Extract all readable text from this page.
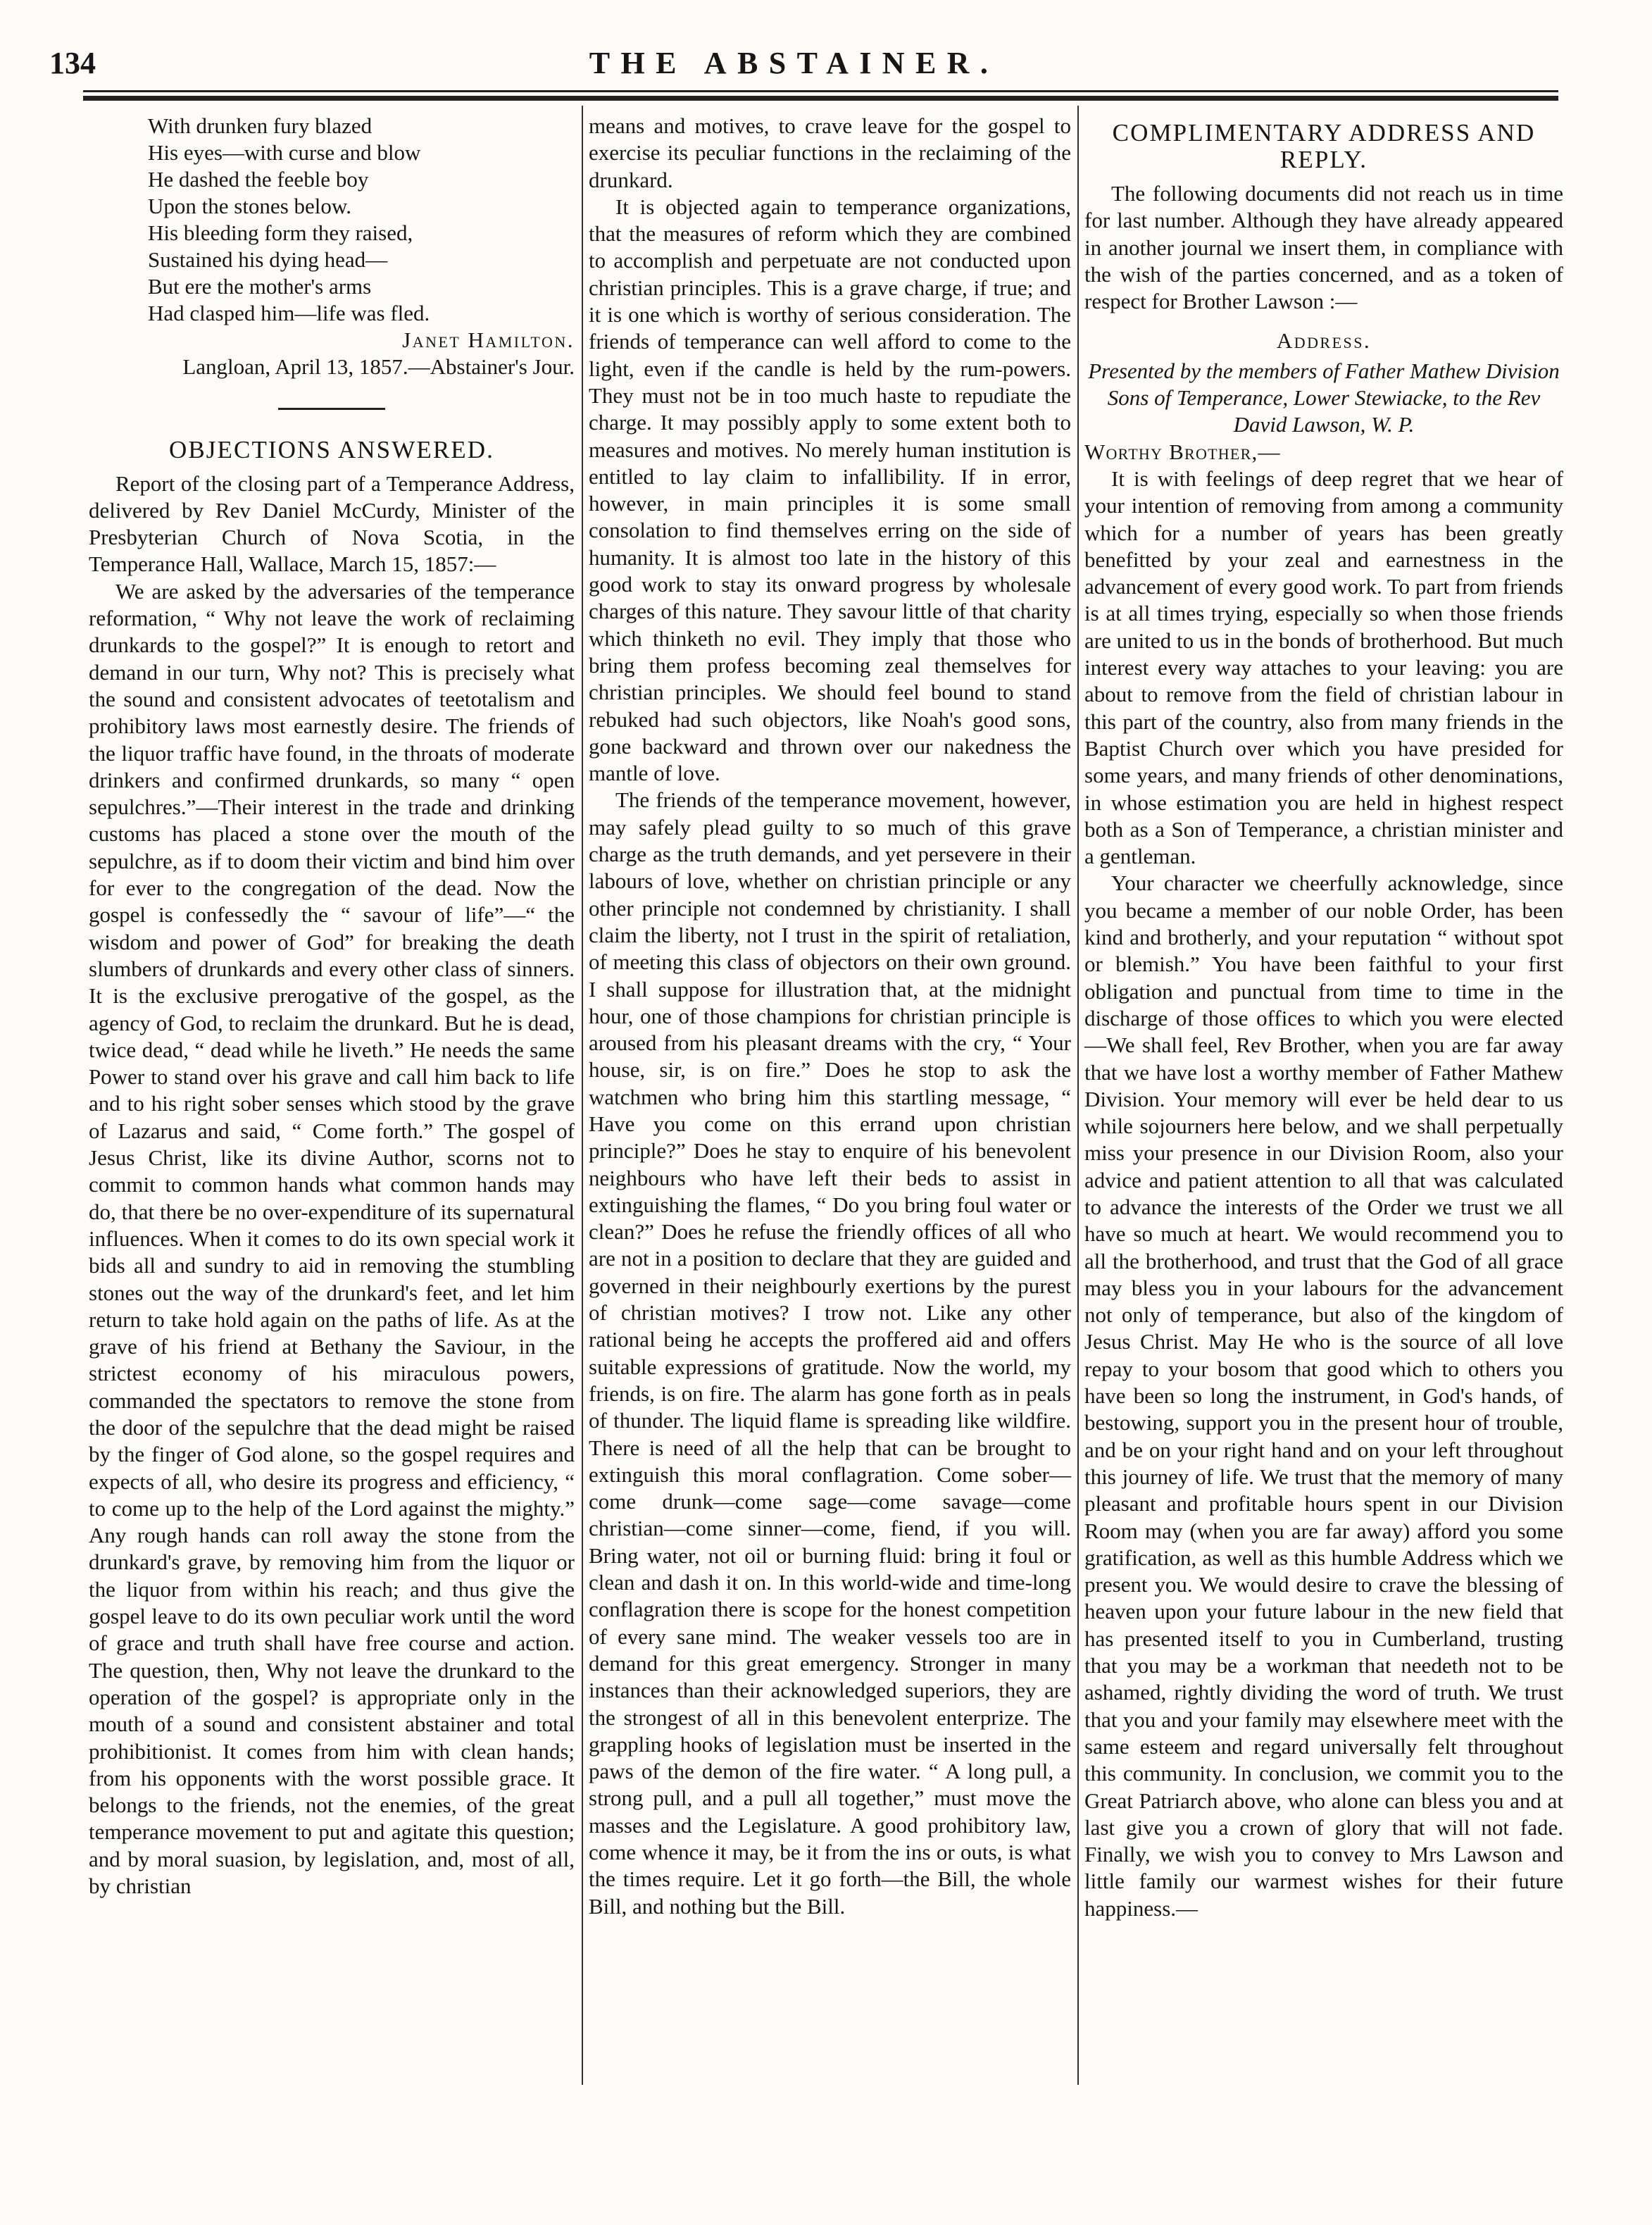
134	THE ABSTAINER.
With drunken fury blazed
His eyes—with curse and blow
He dashed the feeble boy
Upon the stones below.
His bleeding form they raised,
Sustained his dying head—
But ere the mother's arms
Had clasped him—life was fled.

Janet Hamilton.

Langloan, April 13, 1857.—Abstainer's Jour.

OBJECTIONS ANSWERED.

Report of the closing part of a Temperance Address, delivered by Rev Daniel McCurdy, Minister of the Presbyterian Church of Nova Scotia, in the Temperance Hall, Wallace, March 15, 1857:—

We are asked by the adversaries of the temperance reformation, “ Why not leave the work of reclaiming drunkards to the gospel?” It is enough to retort and demand in our turn, Why not? This is precisely what the sound and consistent advocates of teetotalism and prohibitory laws most earnestly desire. The friends of the liquor traffic have found, in the throats of moderate drinkers and confirmed drunkards, so many “ open sepulchres.”—Their interest in the trade and drinking customs has placed a stone over the mouth of the sepulchre, as if to doom their victim and bind him over for ever to the congregation of the dead. Now the gospel is confessedly the “ savour of life”—“ the wisdom and power of God” for breaking the death slumbers of drunkards and every other class of sinners. It is the exclusive prerogative of the gospel, as the agency of God, to reclaim the drunkard. But he is dead, twice dead, “ dead while he liveth.” He needs the same Power to stand over his grave and call him back to life and to his right sober senses which stood by the grave of Lazarus and said, “ Come forth.” The gospel of Jesus Christ, like its divine Author, scorns not to commit to common hands what common hands may do, that there be no over-expenditure of its supernatural influences. When it comes to do its own special work it bids all and sundry to aid in removing the stumbling stones out the way of the drunkard's feet, and let him return to take hold again on the paths of life. As at the grave of his friend at Bethany the Saviour, in the strictest economy of his miraculous powers, commanded the spectators to remove the stone from the door of the sepulchre that the dead might be raised by the finger of God alone, so the gospel requires and expects of all, who desire its progress and efficiency, “ to come up to the help of the Lord against the mighty.” Any rough hands can roll away the stone from the drunkard's grave, by removing him from the liquor or the liquor from within his reach; and thus give the gospel leave to do its own peculiar work until the word of grace and truth shall have free course and action. The question, then, Why not leave the drunkard to the operation of the gospel? is appropriate only in the mouth of a sound and consistent abstainer and total prohibitionist. It comes from him with clean hands; from his opponents with the worst possible grace. It belongs to the friends, not the enemies, of the great temperance movement to put and agitate this question; and by moral suasion, by legislation, and, most of all, by christian

means and motives, to crave leave for the gospel to exercise its peculiar functions in the reclaiming of the drunkard.

It is objected again to temperance organizations, that the measures of reform which they are combined to accomplish and perpetuate are not conducted upon christian principles. This is a grave charge, if true; and it is one which is worthy of serious consideration. The friends of temperance can well afford to come to the light, even if the candle is held by the rum-powers. They must not be in too much haste to repudiate the charge. It may possibly apply to some extent both to measures and motives. No merely human institution is entitled to lay claim to infallibility. If in error, however, in main principles it is some small consolation to find themselves erring on the side of humanity. It is almost too late in the history of this good work to stay its onward progress by wholesale charges of this nature. They savour little of that charity which thinketh no evil. They imply that those who bring them profess becoming zeal themselves for christian principles. We should feel bound to stand rebuked had such objectors, like Noah's good sons, gone backward and thrown over our nakedness the mantle of love.

The friends of the temperance movement, however, may safely plead guilty to so much of this grave charge as the truth demands, and yet persevere in their labours of love, whether on christian principle or any other principle not condemned by christianity. I shall claim the liberty, not I trust in the spirit of retaliation, of meeting this class of objectors on their own ground. I shall suppose for illustration that, at the midnight hour, one of those champions for christian principle is aroused from his pleasant dreams with the cry, “ Your house, sir, is on fire.” Does he stop to ask the watchmen who bring him this startling message, “ Have you come on this errand upon christian principle?” Does he stay to enquire of his benevolent neighbours who have left their beds to assist in extinguishing the flames, “ Do you bring foul water or clean?” Does he refuse the friendly offices of all who are not in a position to declare that they are guided and governed in their neighbourly exertions by the purest of christian motives? I trow not. Like any other rational being he accepts the proffered aid and offers suitable expressions of gratitude. Now the world, my friends, is on fire. The alarm has gone forth as in peals of thunder. The liquid flame is spreading like wildfire. There is need of all the help that can be brought to extinguish this moral conflagration. Come sober—come drunk—come sage—come savage—come christian—come sinner—come, fiend, if you will. Bring water, not oil or burning fluid: bring it foul or clean and dash it on. In this world-wide and time-long conflagration there is scope for the honest competition of every sane mind. The weaker vessels too are in demand for this great emergency. Stronger in many instances than their acknowledged superiors, they are the strongest of all in this benevolent enterprize. The grappling hooks of legislation must be inserted in the paws of the demon of the fire water. “ A long pull, a strong pull, and a pull all together,” must move the masses and the Legislature. A good prohibitory law, come whence it may, be it from the ins or outs, is what the times require. Let it go forth—the Bill, the whole Bill, and nothing but the Bill.

COMPLIMENTARY ADDRESS AND REPLY.

The following documents did not reach us in time for last number. Although they have already appeared in another journal we insert them, in compliance with the wish of the parties concerned, and as a token of respect for Brother Lawson :—

Address.

Presented by the members of Father Mathew Division Sons of Temperance, Lower Stewiacke, to the Rev David Lawson, W. P.

Worthy Brother,—

It is with feelings of deep regret that we hear of your intention of removing from among a community which for a number of years has been greatly benefitted by your zeal and earnestness in the advancement of every good work. To part from friends is at all times trying, especially so when those friends are united to us in the bonds of brotherhood. But much interest every way attaches to your leaving: you are about to remove from the field of christian labour in this part of the country, also from many friends in the Baptist Church over which you have presided for some years, and many friends of other denominations, in whose estimation you are held in highest respect both as a Son of Temperance, a christian minister and a gentleman.

Your character we cheerfully acknowledge, since you became a member of our noble Order, has been kind and brotherly, and your reputation “ without spot or blemish.” You have been faithful to your first obligation and punctual from time to time in the discharge of those offices to which you were elected—We shall feel, Rev Brother, when you are far away that we have lost a worthy member of Father Mathew Division. Your memory will ever be held dear to us while sojourners here below, and we shall perpetually miss your presence in our Division Room, also your advice and patient attention to all that was calculated to advance the interests of the Order we trust we all have so much at heart. We would recommend you to all the brotherhood, and trust that the God of all grace may bless you in your labours for the advancement not only of temperance, but also of the kingdom of Jesus Christ. May He who is the source of all love repay to your bosom that good which to others you have been so long the instrument, in God's hands, of bestowing, support you in the present hour of trouble, and be on your right hand and on your left throughout this journey of life. We trust that the memory of many pleasant and profitable hours spent in our Division Room may (when you are far away) afford you some gratification, as well as this humble Address which we present you. We would desire to crave the blessing of heaven upon your future labour in the new field that has presented itself to you in Cumberland, trusting that you may be a workman that needeth not to be ashamed, rightly dividing the word of truth. We trust that you and your family may elsewhere meet with the same esteem and regard universally felt throughout this community. In conclusion, we commit you to the Great Patriarch above, who alone can bless you and at last give you a crown of glory that will not fade. Finally, we wish you to convey to Mrs Lawson and little family our warmest wishes for their future happiness.—
